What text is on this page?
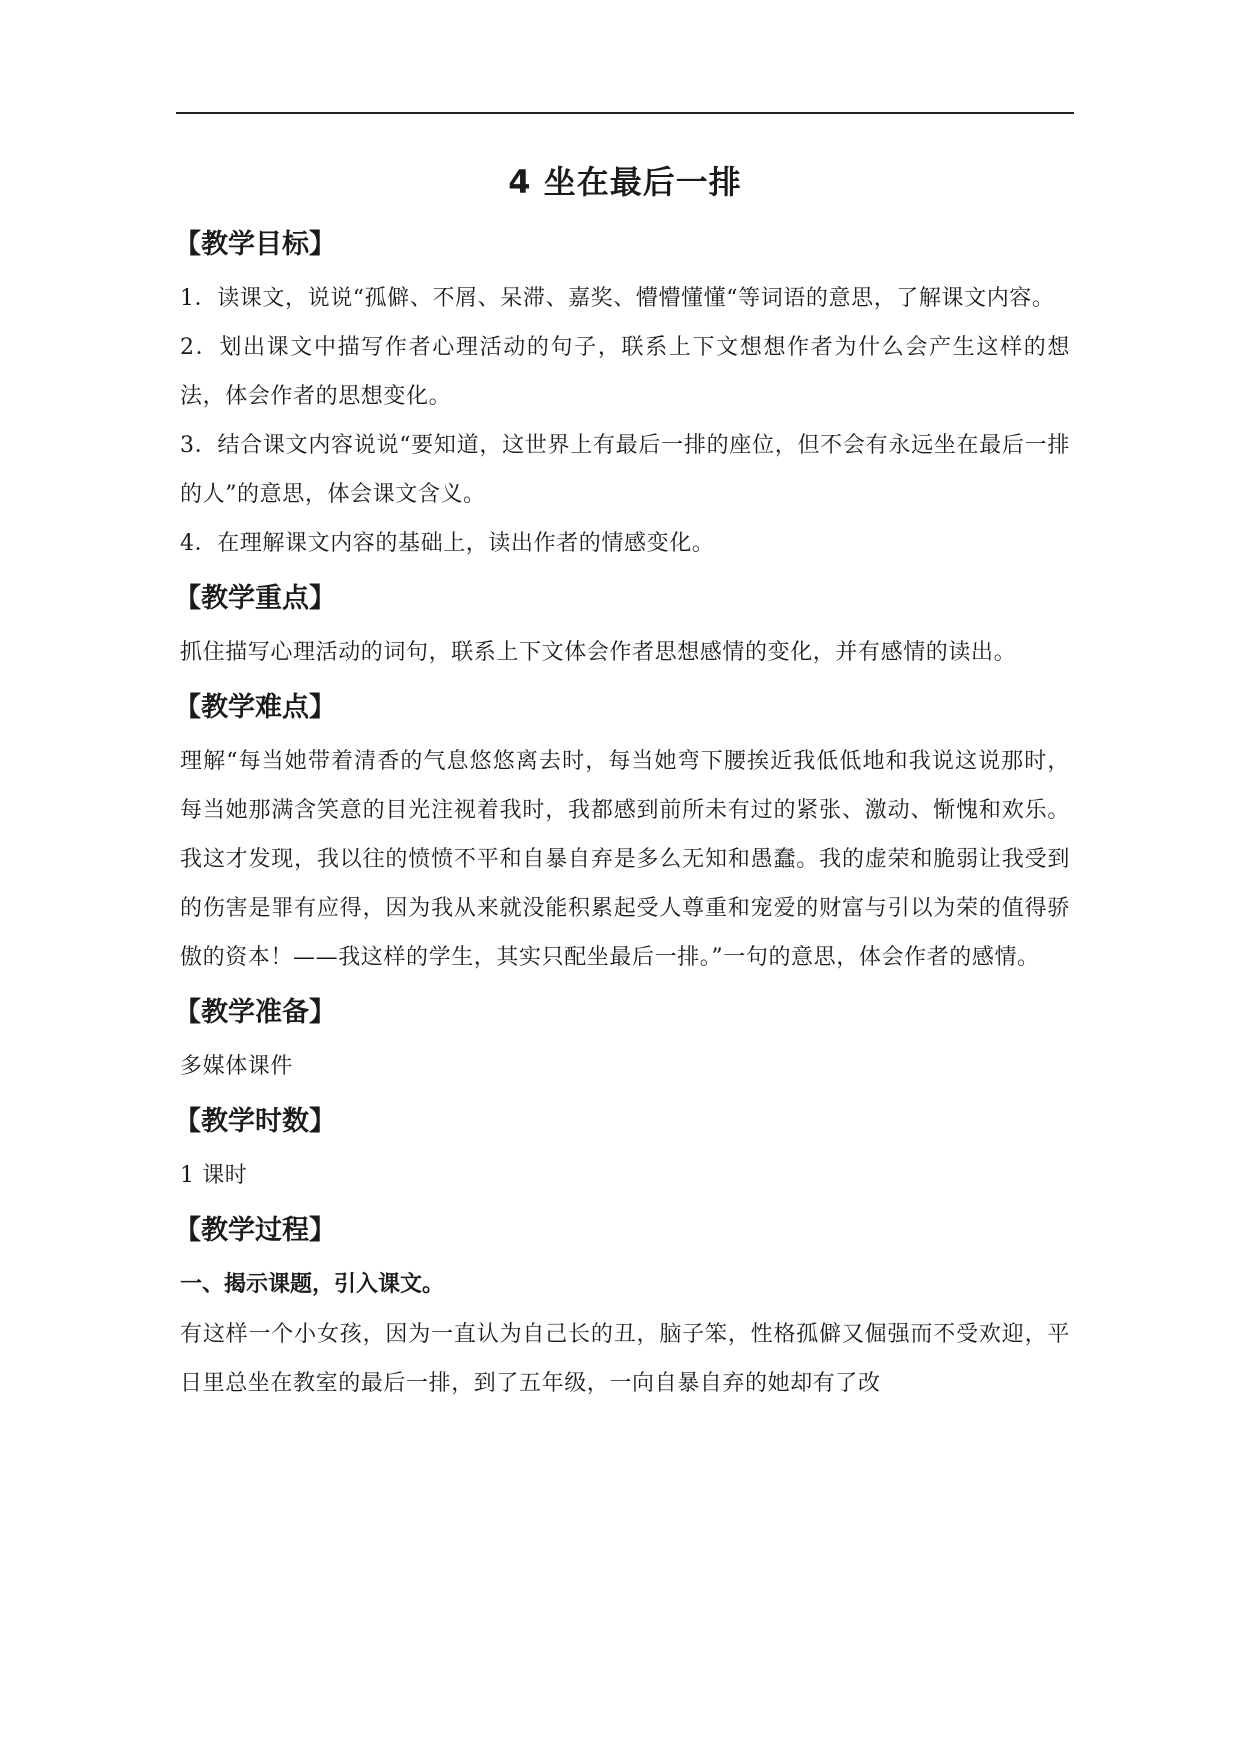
4 坐在最后一排
【教学目标】

1．读课文，说说“孤僻、不屑、呆滞、嘉奖、懵懵懂懂“等词语的意思，了解课文内容。

2．划出课文中描写作者心理活动的句子，联系上下文想想作者为什么会产生这样的想法，体会作者的思想变化。

3．结合课文内容说说“要知道，这世界上有最后一排的座位，但不会有永远坐在最后一排的人”的意思，体会课文含义。

4．在理解课文内容的基础上，读出作者的情感变化。

【教学重点】

抓住描写心理活动的词句，联系上下文体会作者思想感情的变化，并有感情的读出。

【教学难点】

理解“每当她带着清香的气息悠悠离去时，每当她弯下腰挨近我低低地和我说这说那时，每当她那满含笑意的目光注视着我时，我都感到前所未有过的紧张、激动、惭愧和欢乐。我这才发现，我以往的愤愤不平和自暴自弃是多么无知和愚蠢。我的虚荣和脆弱让我受到的伤害是罪有应得，因为我从来就没能积累起受人尊重和宠爱的财富与引以为荣的值得骄傲的资本！——我这样的学生，其实只配坐最后一排。”一句的意思，体会作者的感情。

【教学准备】

多媒体课件

【教学时数】

1 课时

【教学过程】
一、揭示课题，引入课文。

有这样一个小女孩，因为一直认为自己长的丑，脑子笨，性格孤僻又倔强而不受欢迎，平日里总坐在教室的最后一排，到了五年级，一向自暴自弃的她却有了改
